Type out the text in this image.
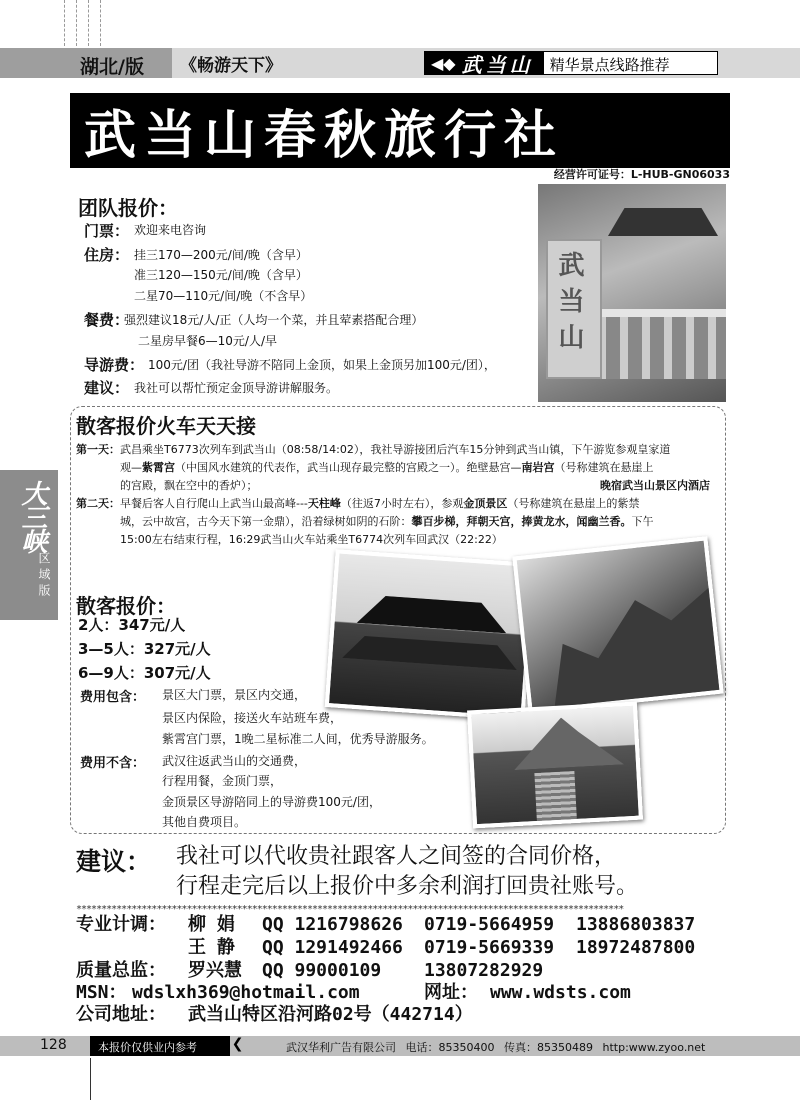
湖北/版	《畅游天下》	◀◆ 武当山	精华景点线路推荐
武当山春秋旅行社
经营许可证号：L-HUB-GN06033
团队报价：
门票： 欢迎来电咨询
住房： 挂三170—200元/间/晚（含早）
准三120—150元/间/晚（含早）
二星70—110元/间/晚（不含早）
餐费：
强烈建议18元/人/正（人均一个菜，并且荤素搭配合理）
二星房早餐6—10元/人/早
导游费： 100元/团（我社导游不陪同上金顶，如果上金顶另加100元/团），
建议： 我社可以帮忙预定金顶导游讲解服务。
武当山
散客报价火车天天接
第一天： 武昌乘坐T6773次列车到武当山（08:58/14:02），我社导游接团后汽车15分钟到武当山镇，下午游览参观皇家道
观—紫霄宫（中国风水建筑的代表作，武当山现存最完整的宫殿之一）。绝壁悬宫—南岩宫（号称建筑在悬崖上
的宫殿，飘在空中的香炉）；	晚宿武当山景区内酒店
第二天： 早餐后客人自行爬山上武当山最高峰---天柱峰（往返7小时左右），参观金顶景区（号称建筑在悬崖上的紫禁
城，云中故宫，古今天下第一金鼎），沿着绿树如阴的石阶：攀百步梯，拜朝天宫，捧黄龙水，闻幽兰香。下午
15:00左右结束行程，16:29武当山火车站乘坐T6774次列车回武汉（22:22）
大三峡
区域版
散客报价：
2人：347元/人
3—5人：327元/人
6—9人：307元/人
费用包含： 景区大门票，景区内交通，
景区内保险，接送火车站班车费，
紫霄宫门票，1晚二星标准二人间，优秀导游服务。
费用不含： 武汉往返武当山的交通费，
行程用餐，金顶门票，
金顶景区导游陪同上的导游费100元/团，
其他自费项目。
建议： 我社可以代收贵社跟客人之间签的合同价格，
行程走完后以上报价中多余利润打回贵社账号。
*************************************************************************************************************
专业计调： 柳 娟 QQ 1216798626 0719-5664959 13886803837
王 静 QQ 1291492466 0719-5669339 18972487800
质量总监： 罗兴慧 QQ 99000109 13807282929
MSN： wdslxh369@hotmail.com	网址： www.wdsts.com
公司地址： 武当山特区沿河路02号（442714）
128	本报价仅供业内参考	❮❮	武汉华利广告有限公司 电话：85350400 传真：85350489 http:www.zyoo.net
